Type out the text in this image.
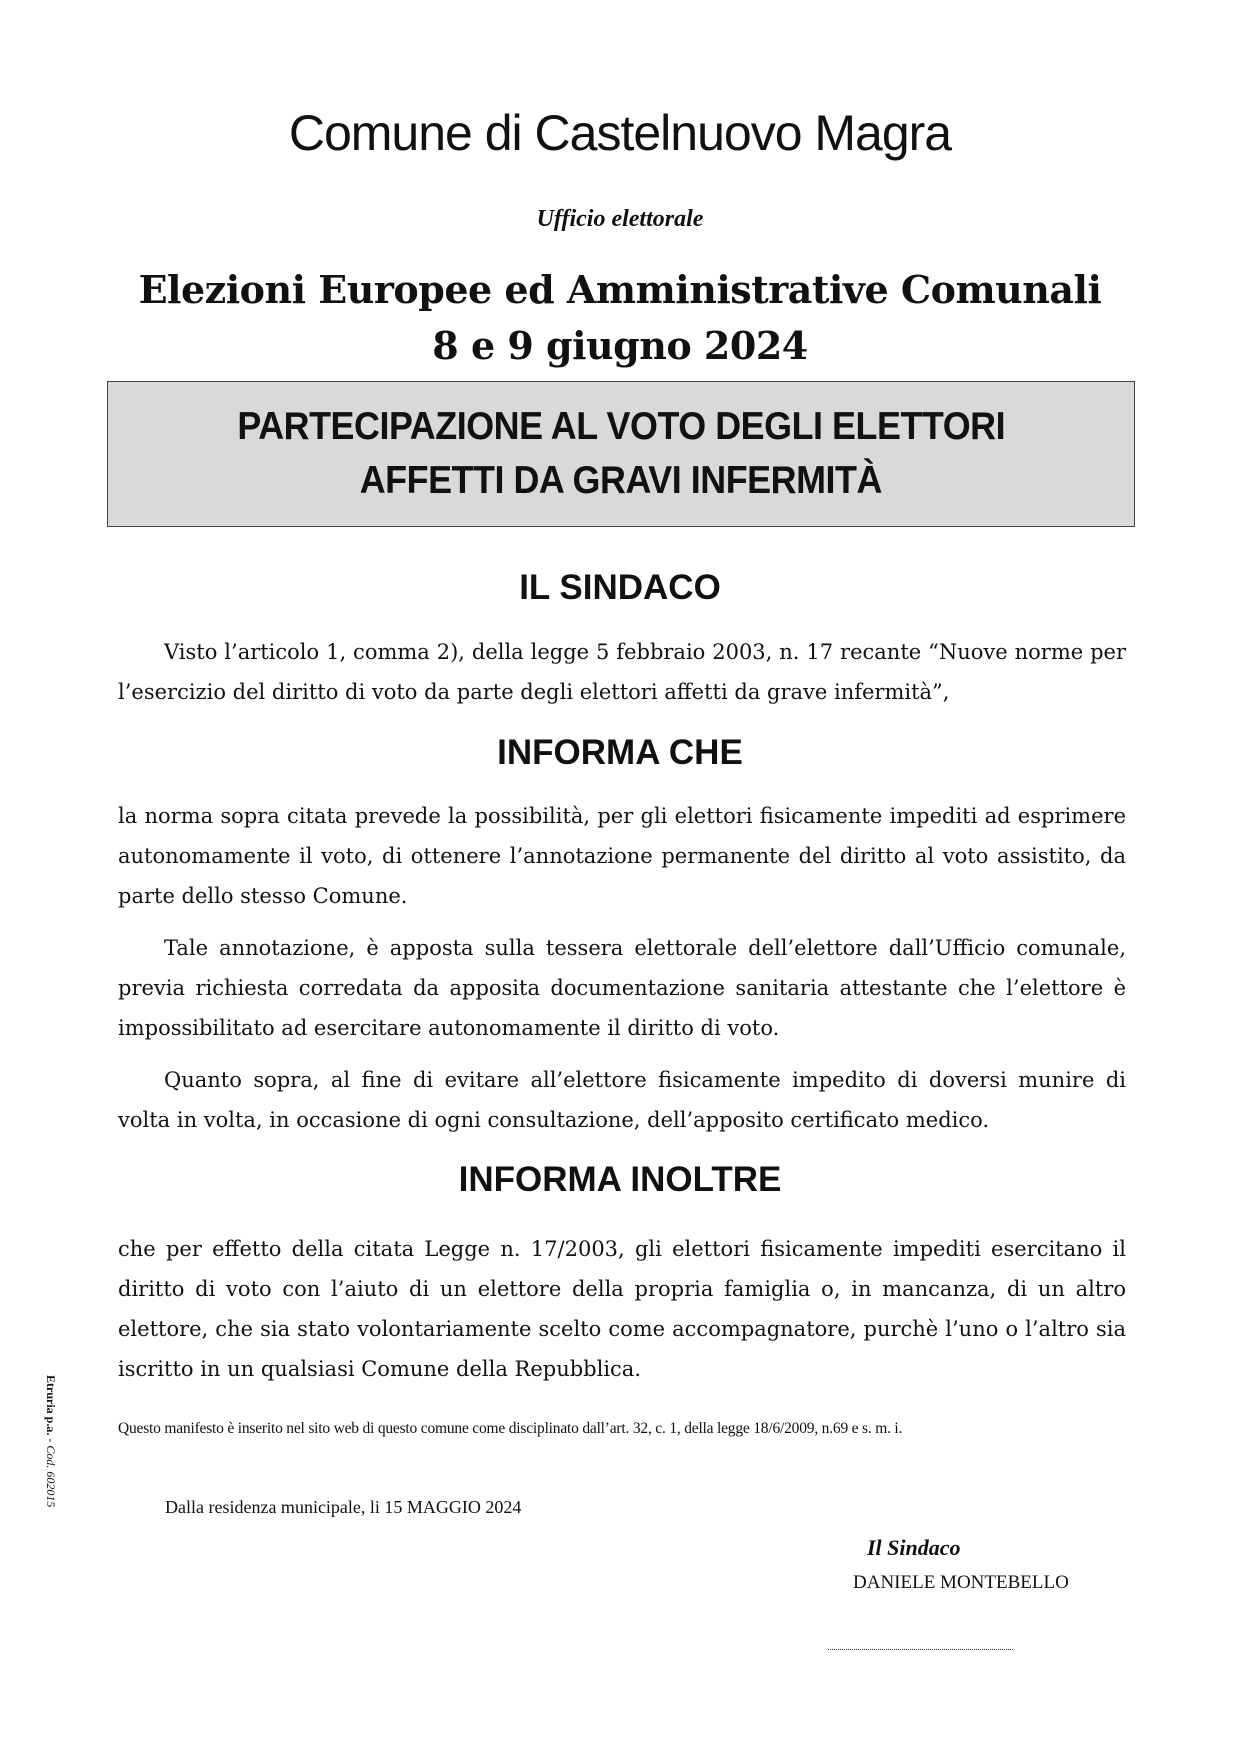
Comune di Castelnuovo Magra
Ufficio elettorale
Elezioni Europee ed Amministrative Comunali
8 e 9 giugno 2024
PARTECIPAZIONE AL VOTO DEGLI ELETTORI
AFFETTI DA GRAVI INFERMITÀ
IL SINDACO
Visto l’articolo 1, comma 2), della legge 5 febbraio 2003, n. 17 recante “Nuove norme per l’esercizio del diritto di voto da parte degli elettori affetti da grave infermità”,
INFORMA CHE
la norma sopra citata prevede la possibilità, per gli elettori fisicamente impediti ad esprimere autonomamente il voto, di ottenere l’annotazione permanente del diritto al voto assistito, da parte dello stesso Comune.
Tale annotazione, è apposta sulla tessera elettorale dell’elettore dall’Ufficio comunale, previa richiesta corredata da apposita documentazione sanitaria attestante che l’elettore è impossibilitato ad esercitare autonomamente il diritto di voto.
Quanto sopra, al fine di evitare all’elettore fisicamente impedito di doversi munire di volta in volta, in occasione di ogni consultazione, dell’apposito certificato medico.
INFORMA INOLTRE
che per effetto della citata Legge n. 17/2003, gli elettori fisicamente impediti esercitano il diritto di voto con l’aiuto di un elettore della propria famiglia o, in mancanza, di un altro elettore, che sia stato volontariamente scelto come accompagnatore, purchè l’uno o l’altro sia iscritto in un qualsiasi Comune della Repubblica.
Questo manifesto è inserito nel sito web di questo comune come disciplinato dall’art. 32, c. 1, della legge 18/6/2009, n.69 e s. m. i.
Dalla residenza municipale, li 15 MAGGIO 2024
Il Sindaco
DANIELE MONTEBELLO
Etruria p.a. - Cod. 602015
